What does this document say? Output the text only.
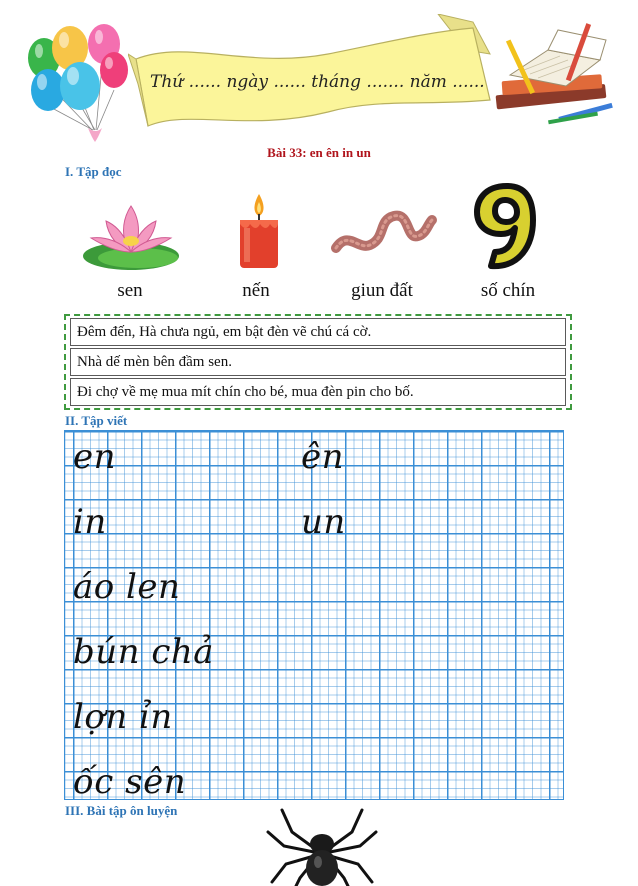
Thứ ...... ngày ...... tháng ....... năm ......
Bài 33: en ên in un
I. Tập đọc
sen	nến	giun đất	số chín
Đêm đến, Hà chưa ngủ, em bật đèn vẽ chú cá cờ.
Nhà dế mèn bên đầm sen.
Đi chợ về mẹ mua mít chín cho bé, mua đèn pin cho bố.
II. Tập viết
en	ên
in	un
áo len
bún chả
lợn ỉn
ốc sên
III. Bài tập ôn luyện
